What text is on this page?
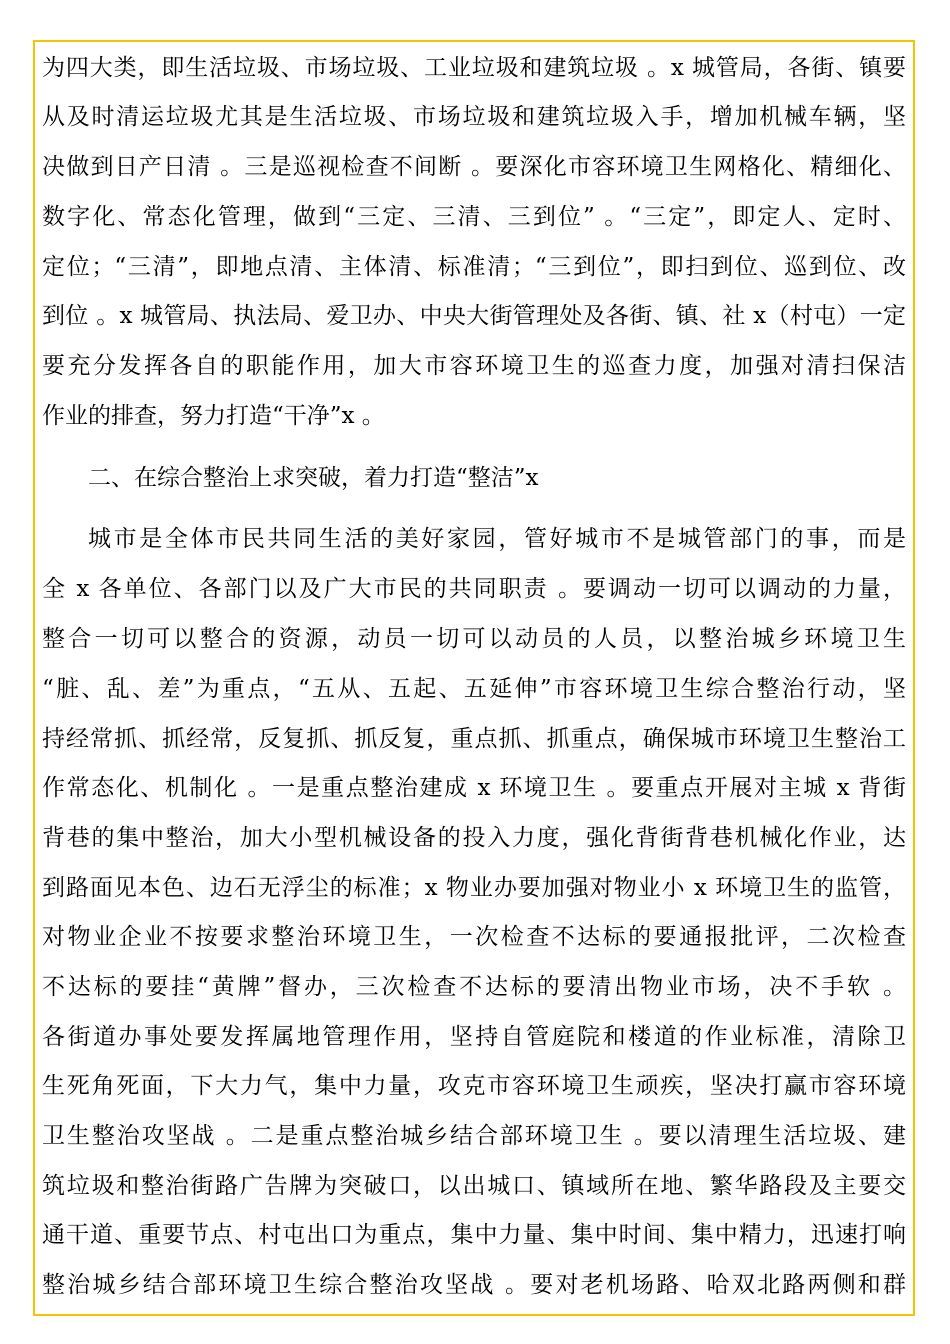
为四大类，即生活垃圾、市场垃圾、工业垃圾和建筑垃圾 。x 城管局，各街、镇要

从及时清运垃圾尤其是生活垃圾、市场垃圾和建筑垃圾入手，增加机械车辆，坚

决做到日产日清 。三是巡视检查不间断 。要深化市容环境卫生网格化、精细化、

数字化、常态化管理，做到“三定、三清、三到位” 。“三定”，即定人、定时、

定位；“三清”，即地点清、主体清、标准清；“三到位”，即扫到位、巡到位、改

到位 。x 城管局、执法局、爱卫办、中央大街管理处及各街、镇、社 x（村屯）一定

要充分发挥各自的职能作用，加大市容环境卫生的巡查力度，加强对清扫保洁

作业的排查，努力打造“干净”x 。

二、在综合整治上求突破，着力打造“整洁”x

城市是全体市民共同生活的美好家园，管好城市不是城管部门的事，而是

全 x 各单位、各部门以及广大市民的共同职责 。要调动一切可以调动的力量，

整合一切可以整合的资源，动员一切可以动员的人员，以整治城乡环境卫生

“脏、乱、差”为重点，“五从、五起、五延伸”市容环境卫生综合整治行动，坚

持经常抓、抓经常，反复抓、抓反复，重点抓、抓重点，确保城市环境卫生整治工

作常态化、机制化 。一是重点整治建成 x 环境卫生 。要重点开展对主城 x 背街

背巷的集中整治，加大小型机械设备的投入力度，强化背街背巷机械化作业，达

到路面见本色、边石无浮尘的标准；x 物业办要加强对物业小 x 环境卫生的监管，

对物业企业不按要求整治环境卫生，一次检查不达标的要通报批评，二次检查

不达标的要挂“黄牌”督办，三次检查不达标的要清出物业市场，决不手软 。

各街道办事处要发挥属地管理作用，坚持自管庭院和楼道的作业标准，清除卫

生死角死面，下大力气，集中力量，攻克市容环境卫生顽疾，坚决打赢市容环境

卫生整治攻坚战 。二是重点整治城乡结合部环境卫生 。要以清理生活垃圾、建

筑垃圾和整治街路广告牌为突破口，以出城口、镇域所在地、繁华路段及主要交

通干道、重要节点、村屯出口为重点，集中力量、集中时间、集中精力，迅速打响

整治城乡结合部环境卫生综合整治攻坚战 。要对老机场路、哈双北路两侧和群
